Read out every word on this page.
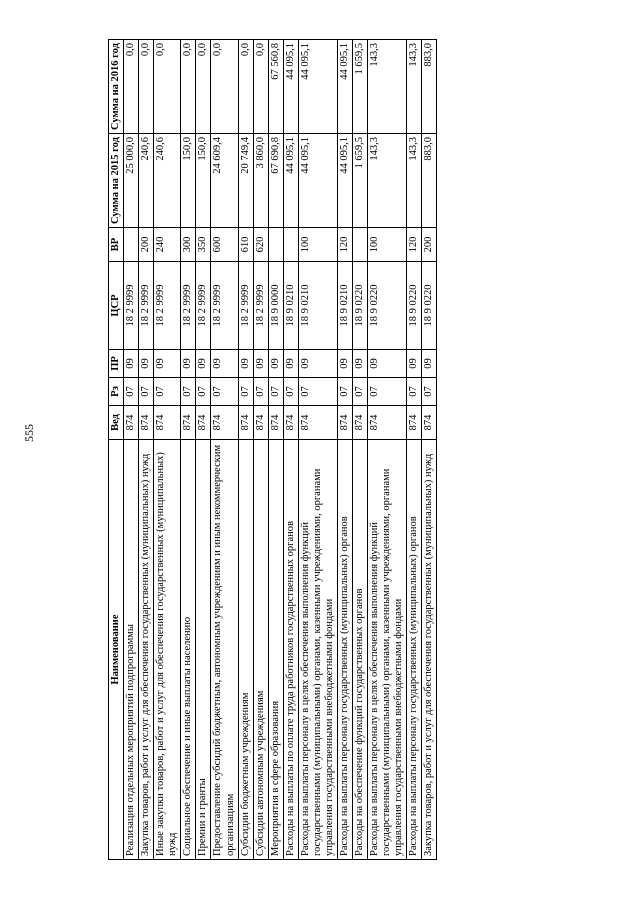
555
Наименование	Вед	Рз	ПР	ЦСР	ВР	Сумма на 2015 год	Сумма на 2016 год
Реализация отдельных мероприятий подпрограммы	874	07	09	18 2 9999		25 000,0	0,0
Закупка товаров, работ и услуг для обеспечения государственных (муниципальных) нужд	874	07	09	18 2 9999	200	240,6	0,0
Иные закупки товаров, работ и услуг для обеспечения государственных (муниципальных) нужд	874	07	09	18 2 9999	240	240,6	0,0
Социальное обеспечение и иные выплаты населению	874	07	09	18 2 9999	300	150,0	0,0
Премии и гранты	874	07	09	18 2 9999	350	150,0	0,0
Предоставление субсидий бюджетным, автономным учреждениям и иным некоммерческим организациям	874	07	09	18 2 9999	600	24 609,4	0,0
Субсидии бюджетным учреждениям	874	07	09	18 2 9999	610	20 749,4	0,0
Субсидии автономным учреждениям	874	07	09	18 2 9999	620	3 860,0	0,0
Мероприятия в сфере образования	874	07	09	18 9 0000		67 690,8	67 560,8
Расходы на выплаты по оплате труда работников государственных органов	874	07	09	18 9 0210		44 095,1	44 095,1
Расходы на выплаты персоналу в целях обеспечения выполнения функций государственными (муниципальными) органами, казенными учреждениями, органами управления государственными внебюджетными фондами	874	07	09	18 9 0210	100	44 095,1	44 095,1
Расходы на выплаты персоналу государственных (муниципальных) органов	874	07	09	18 9 0210	120	44 095,1	44 095,1
Расходы на обеспечение функций государственных органов	874	07	09	18 9 0220		1 659,5	1 659,5
Расходы на выплаты персоналу в целях обеспечения выполнения функций государственными (муниципальными) органами, казенными учреждениями, органами управления государственными внебюджетными фондами	874	07	09	18 9 0220	100	143,3	143,3
Расходы на выплаты персоналу государственных (муниципальных) органов	874	07	09	18 9 0220	120	143,3	143,3
Закупка товаров, работ и услуг для обеспечения государственных (муниципальных) нужд	874	07	09	18 9 0220	200	883,0	883,0
